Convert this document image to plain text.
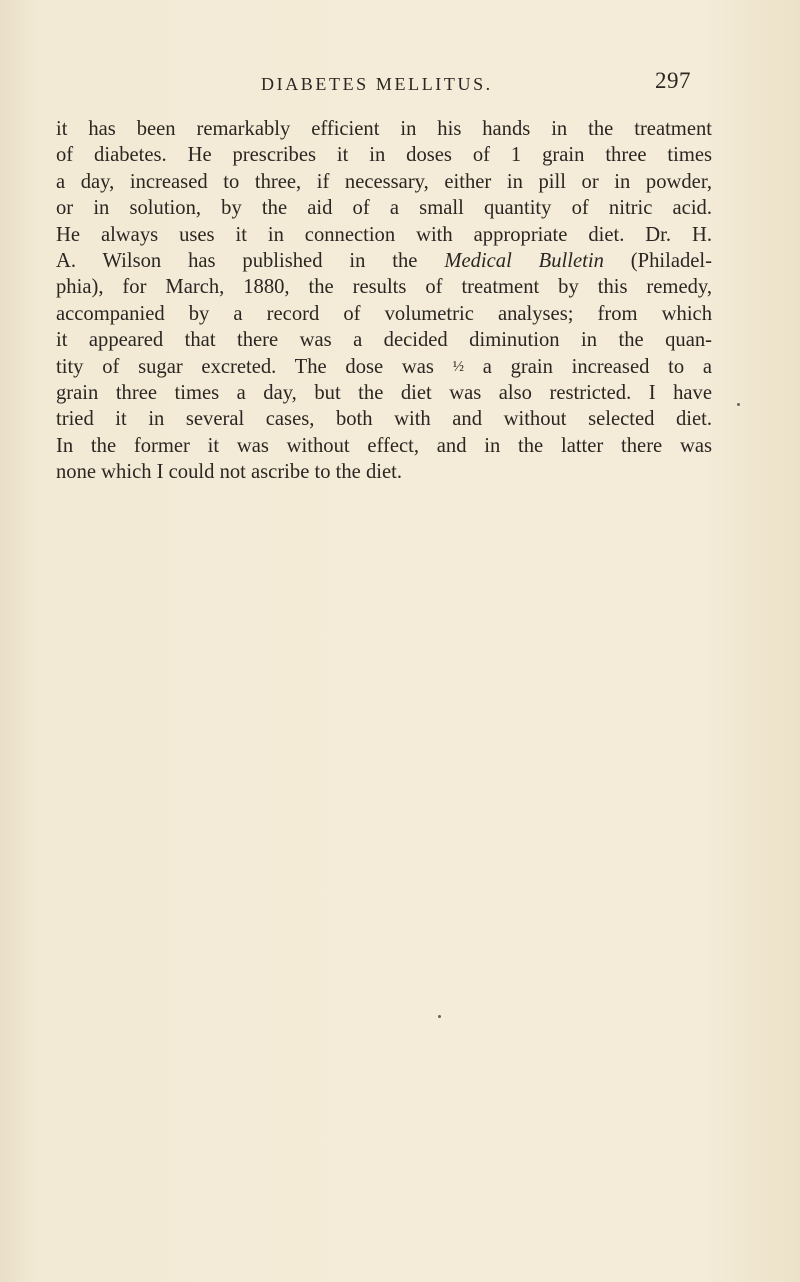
DIABETES MELLITUS.	297
it has been remarkably efficient in his hands in the treatment
of diabetes. He prescribes it in doses of 1 grain three times
a day, increased to three, if necessary, either in pill or in powder,
or in solution, by the aid of a small quantity of nitric acid.
He always uses it in connection with appropriate diet. Dr. H.
A. Wilson has published in the Medical Bulletin (Philadel-
phia), for March, 1880, the results of treatment by this remedy,
accompanied by a record of volumetric analyses; from which
it appeared that there was a decided diminution in the quan-
tity of sugar excreted. The dose was ½ a grain increased to a
grain three times a day, but the diet was also restricted. I have
tried it in several cases, both with and without selected diet.
In the former it was without effect, and in the latter there was
none which I could not ascribe to the diet.
